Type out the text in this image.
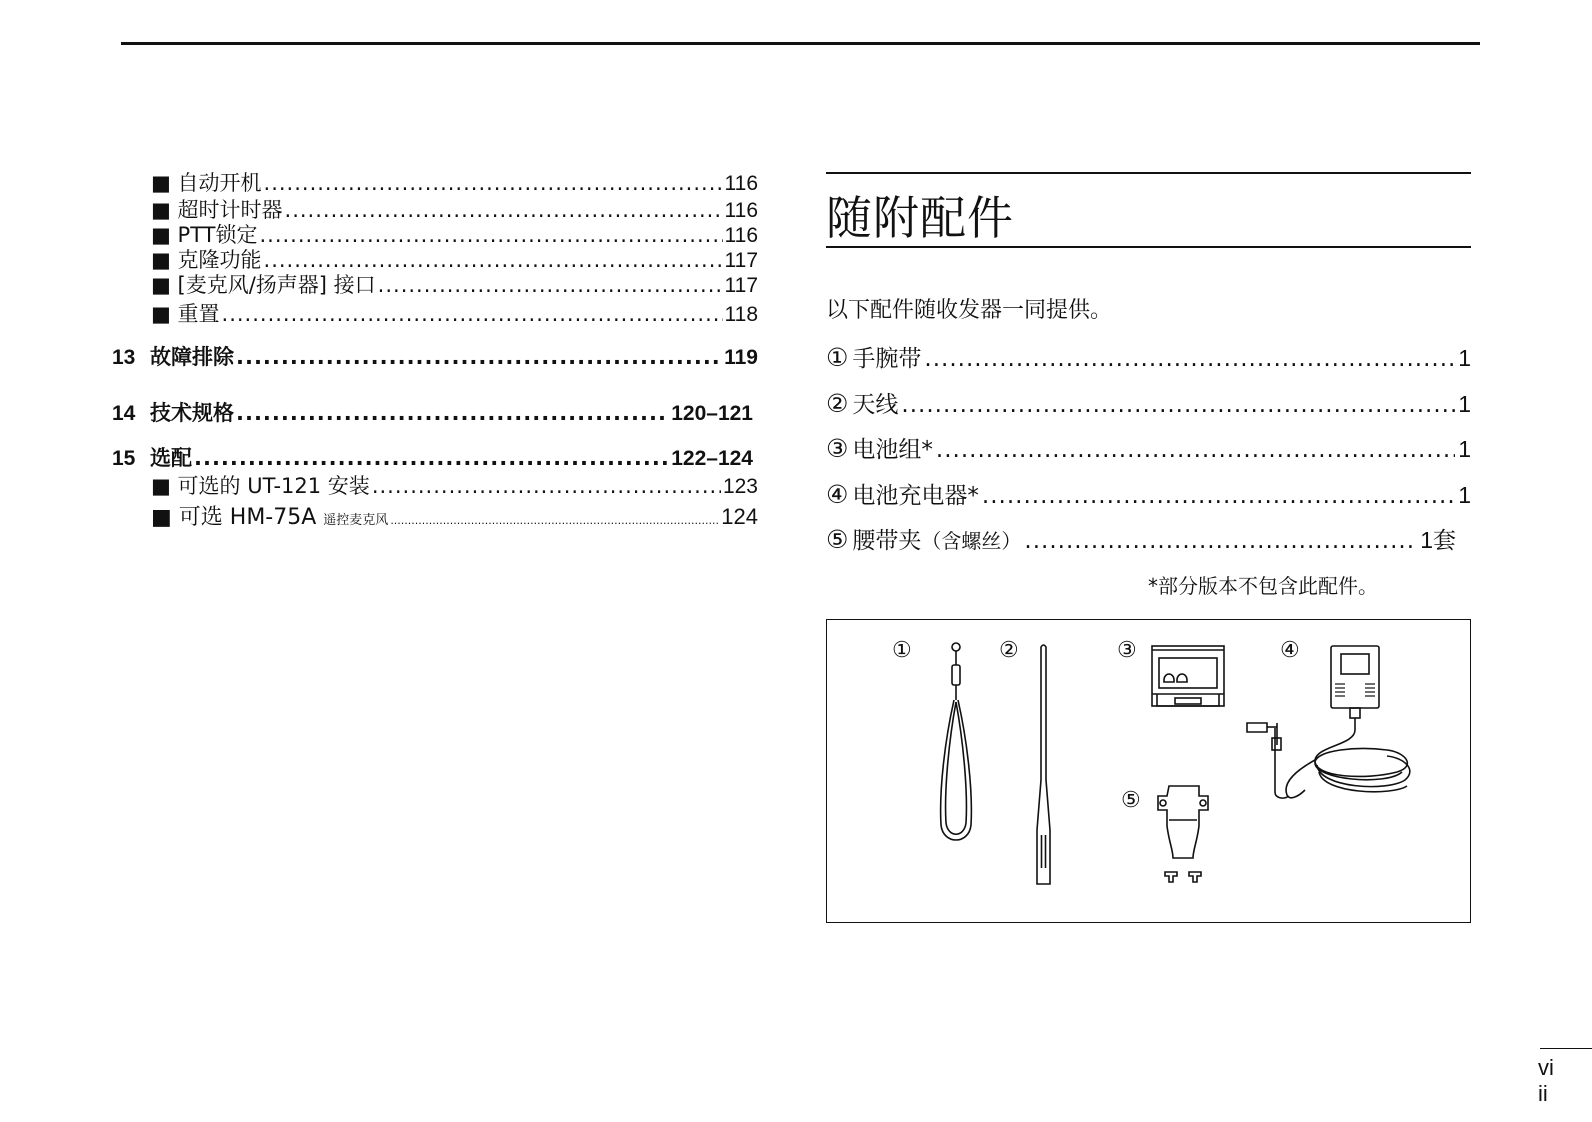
■ 自动开机 .....	116
■ 超时计时器 .....	116
■ PTT锁定 .....	116
■ 克隆功能 .....	117
■ [麦克风/扬声器] 接口 .....	117
■ 重置 .....	118
13 故障排除 .....	119
14 技术规格 .....	120–121
15 选配 .....	122–124
■ 可选的 UT-121 安装 .....	123
■ 可选 HM-75A 遥控麦克风 .....	124
随附配件
以下配件随收发器一同提供。
① 手腕带 .....	1
② 天线 .....	1
③ 电池组* .....	1
④ 电池充电器* .....	1
⑤ 腰带夹 （含螺丝） .....	1套
*部分版本不包含此配件。
①	②	③	④
⑤
vi
ii
